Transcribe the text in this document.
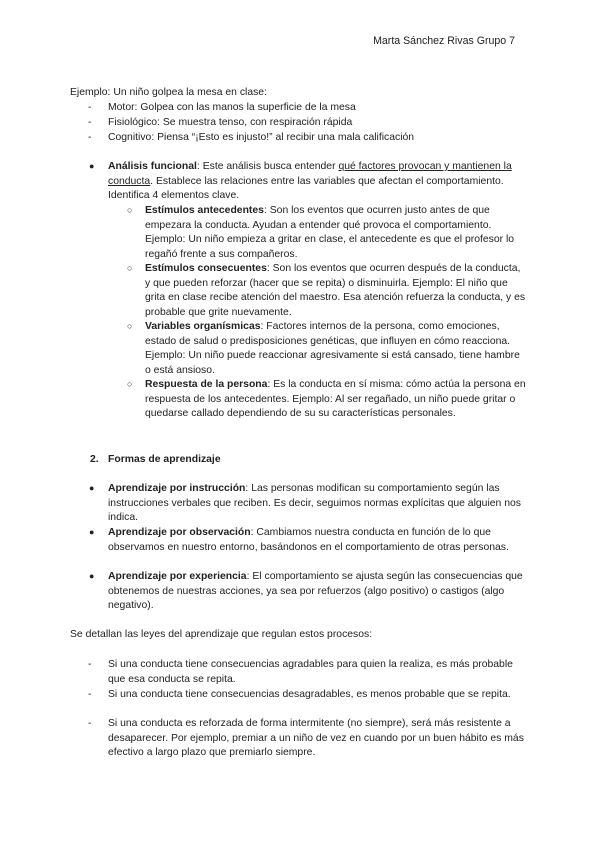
Marta Sánchez Rivas Grupo 7

Ejemplo: Un niño golpea la mesa en clase:

- Motor: Golpea con las manos la superficie de la mesa
- Fisiológico: Se muestra tenso, con respiración rápida
- Cognitivo: Piensa “¡Esto es injusto!” al recibir una mala calificación
● Análisis funcional: Este análisis busca entender qué factores provocan y mantienen la conducta. Establece las relaciones entre las variables que afectan el comportamiento. Identifica 4 elementos clave.
○ Estímulos antecedentes: Son los eventos que ocurren justo antes de que empezara la conducta. Ayudan a entender qué provoca el comportamiento. Ejemplo: Un niño empieza a gritar en clase, el antecedente es que el profesor lo regañó frente a sus compañeros.
○ Estímulos consecuentes: Son los eventos que ocurren después de la conducta, y que pueden reforzar (hacer que se repita) o disminuirla. Ejemplo: El niño que grita en clase recibe atención del maestro. Esa atención refuerza la conducta, y es probable que grite nuevamente.
○ Variables organísmicas: Factores internos de la persona, como emociones, estado de salud o predisposiciones genéticas, que influyen en cómo reacciona. Ejemplo: Un niño puede reaccionar agresivamente si está cansado, tiene hambre o está ansioso.
○ Respuesta de la persona: Es la conducta en sí misma: cómo actúa la persona en respuesta de los antecedentes. Ejemplo: Al ser regañado, un niño puede gritar o quedarse callado dependiendo de su su características personales.
2. Formas de aprendizaje
● Aprendizaje por instrucción: Las personas modifican su comportamiento según las instrucciones verbales que reciben. Es decir, seguimos normas explícitas que alguien nos indica.
● Aprendizaje por observación: Cambiamos nuestra conducta en función de lo que observamos en nuestro entorno, basándonos en el comportamiento de otras personas.
● Aprendizaje por experiencia: El comportamiento se ajusta según las consecuencias que obtenemos de nuestras acciones, ya sea por refuerzos (algo positivo) o castigos (algo negativo).

Se detallan las leyes del aprendizaje que regulan estos procesos:

- Si una conducta tiene consecuencias agradables para quien la realiza, es más probable que esa conducta se repita.
- Si una conducta tiene consecuencias desagradables, es menos probable que se repita.
- Si una conducta es reforzada de forma intermitente (no siempre), será más resistente a desaparecer. Por ejemplo, premiar a un niño de vez en cuando por un buen hábito es más efectivo a largo plazo que premiarlo siempre.
